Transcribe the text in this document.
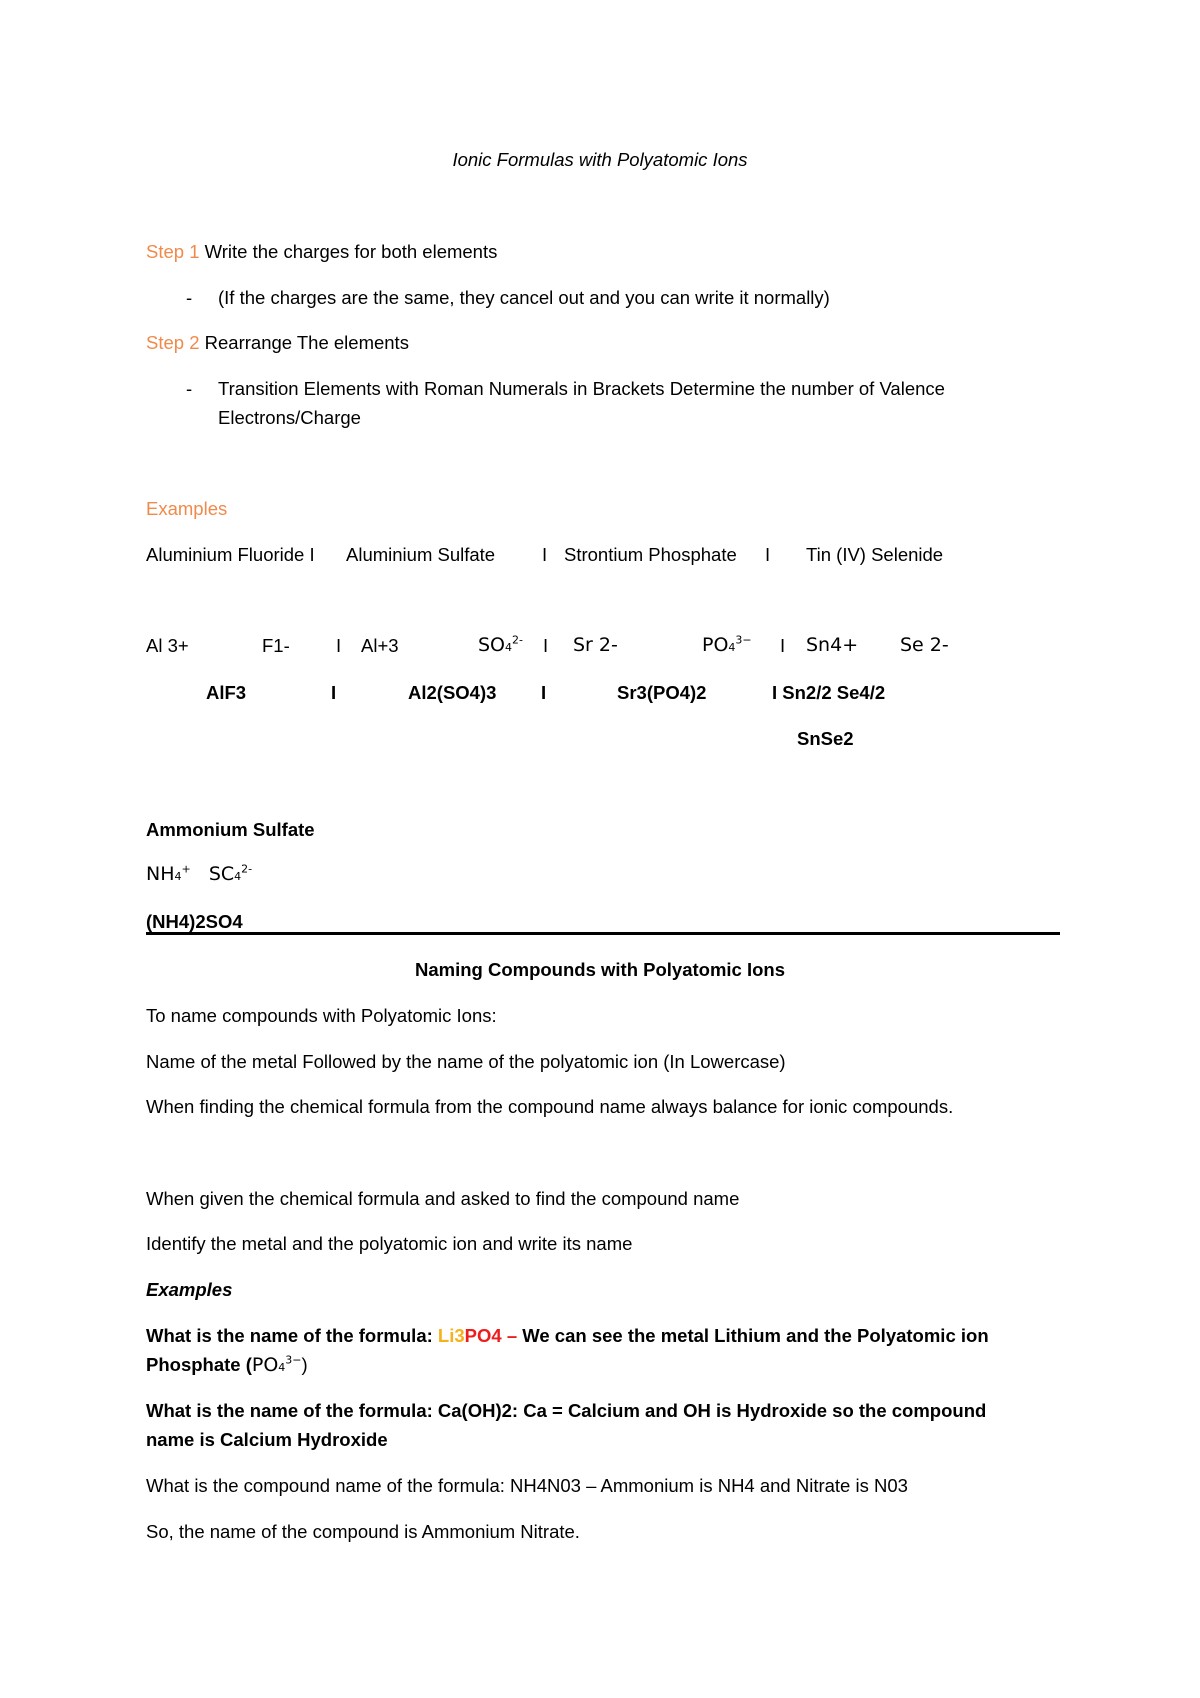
Ionic Formulas with Polyatomic Ions
Step 1 Write the charges for both elements
- (If the charges are the same, they cancel out and you can write it normally)
Step 2 Rearrange The elements
- Transition Elements with Roman Numerals in Brackets Determine the number of Valence
Electrons/Charge
Examples
Aluminium Fluoride I Aluminium Sulfate	I Strontium Phosphate I Tin (IV) Selenide
Al 3+	F1-	I Al+3	$SO4^{2-}$ I Sr 2-	$PO4^{3-}$ I Sn4+ Se 2-
AlF3	I	Al2(SO4)3 I	Sr3(PO4)2	I Sn2/2 Se4/2
SnSe2
Ammonium Sulfate
NH4+ $SC4^{2-}$
(NH4)2SO4
Naming Compounds with Polyatomic Ions
To name compounds with Polyatomic Ions:
Name of the metal Followed by the name of the polyatomic ion (In Lowercase)
When finding the chemical formula from the compound name always balance for ionic compounds.
When given the chemical formula and asked to find the compound name
Identify the metal and the polyatomic ion and write its name
Examples
What is the name of the formula: Li3PO4 – We can see the metal Lithium and the Polyatomic ion
Phosphate $(PO4^{3-})$
What is the name of the formula: Ca(OH)2: Ca = Calcium and OH is Hydroxide so the compound
name is Calcium Hydroxide
What is the compound name of the formula: NH4N03 – Ammonium is NH4 and Nitrate is N03
So, the name of the compound is Ammonium Nitrate.
